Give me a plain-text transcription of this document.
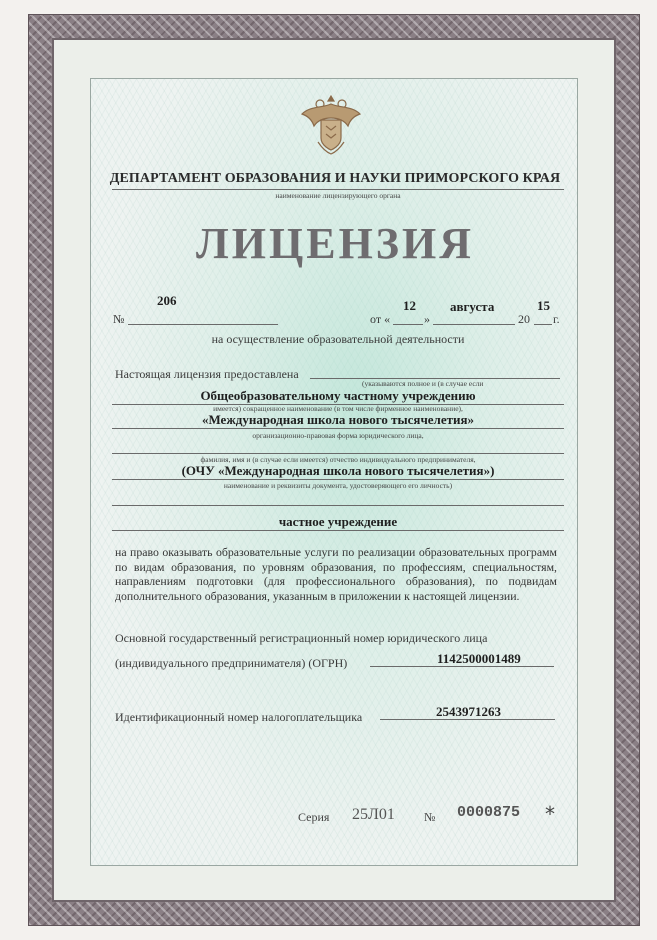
ДЕПАРТАМЕНТ ОБРАЗОВАНИЯ И НАУКИ ПРИМОРСКОГО КРАЯ
наименование лицензирующего органа
ЛИЦЕНЗИЯ
№
206
от «
12
»
августа
20
15
г.
на осуществление образовательной деятельности
Настоящая лицензия предоставлена
(указываются полное и (в случае если
Общеобразовательному частному учреждению
имеется) сокращенное наименование (в том числе фирменное наименование),
«Международная школа нового тысячелетия»
организационно-правовая форма юридического лица,
фамилия, имя и (в случае если имеется) отчество индивидуального предпринимателя,
(ОЧУ «Международная школа нового тысячелетия»)
наименование и реквизиты документа, удостоверяющего его личность)
частное учреждение
на право оказывать образовательные услуги по реализации образовательных программ по видам образования, по уровням образования, по профессиям, специальностям, направлениям подготовки (для профессионального образования), по подвидам дополнительного образования, указанным в приложении к настоящей лицензии.
Основной государственный регистрационный номер юридического лица
(индивидуального предпринимателя) (ОГРН)	1142500001489
Идентификационный номер налогоплательщика	2543971263
Серия 25Л01 № 0000875 *
